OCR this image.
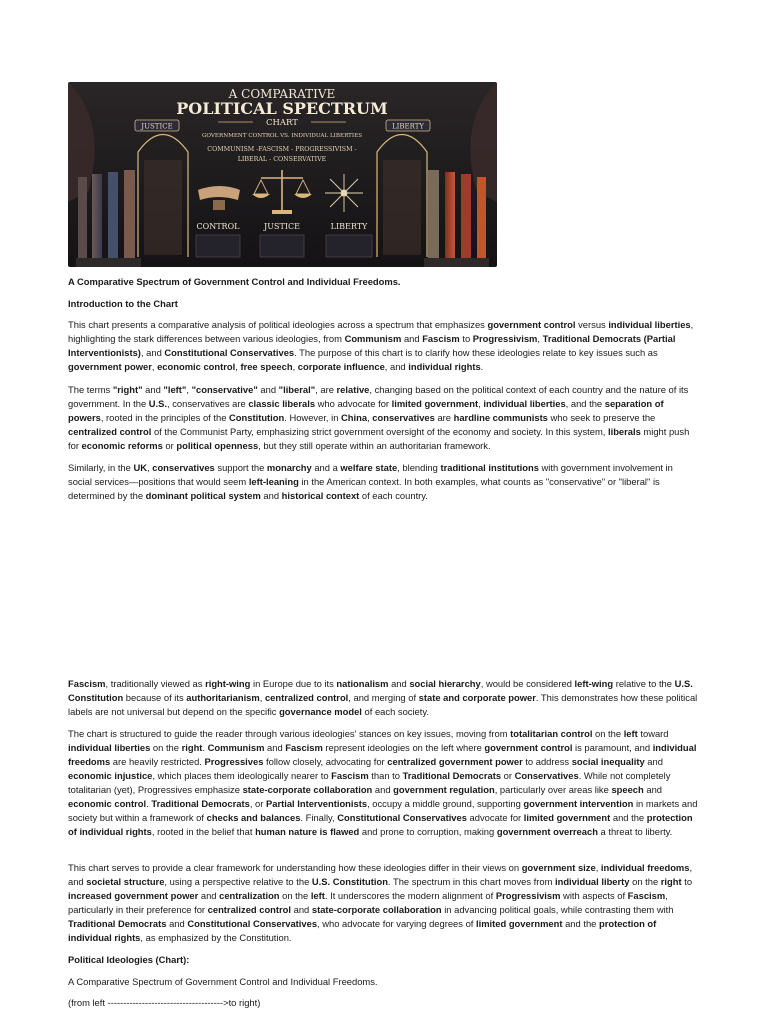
JUSTICE	LIBERTY
A COMPARATIVE
POLITICAL SPECTRUM
CHART
GOVERNMENT CONTROL VS. INDIVIDUAL LIBERTIES
COMMUNISM -FASCISM - PROGRESSIVISM -
LIBERAL - CONSERVATIVE
CONTROL	JUSTICE	LIBERTY
A Comparative Spectrum of Government Control and Individual Freedoms.
Introduction to the Chart
This chart presents a comparative analysis of political ideologies across a spectrum that emphasizes government control versus individual liberties, highlighting the stark differences between various ideologies, from Communism and Fascism to Progressivism, Traditional Democrats (Partial Interventionists), and Constitutional Conservatives. The purpose of this chart is to clarify how these ideologies relate to key issues such as government power, economic control, free speech, corporate influence, and individual rights.
The terms "right" and "left", "conservative" and "liberal", are relative, changing based on the political context of each country and the nature of its government. In the U.S., conservatives are classic liberals who advocate for limited government, individual liberties, and the separation of powers, rooted in the principles of the Constitution. However, in China, conservatives are hardline communists who seek to preserve the centralized control of the Communist Party, emphasizing strict government oversight of the economy and society. In this system, liberals might push for economic reforms or political openness, but they still operate within an authoritarian framework.
Similarly, in the UK, conservatives support the monarchy and a welfare state, blending traditional institutions with government involvement in social services—positions that would seem left-leaning in the American context. In both examples, what counts as "conservative" or "liberal" is determined by the dominant political system and historical context of each country.
Fascism, traditionally viewed as right-wing in Europe due to its nationalism and social hierarchy, would be considered left-wing relative to the U.S. Constitution because of its authoritarianism, centralized control, and merging of state and corporate power. This demonstrates how these political labels are not universal but depend on the specific governance model of each society.
The chart is structured to guide the reader through various ideologies' stances on key issues, moving from totalitarian control on the left toward individual liberties on the right. Communism and Fascism represent ideologies on the left where government control is paramount, and individual freedoms are heavily restricted. Progressives follow closely, advocating for centralized government power to address social inequality and economic injustice, which places them ideologically nearer to Fascism than to Traditional Democrats or Conservatives. While not completely totalitarian (yet), Progressives emphasize state-corporate collaboration and government regulation, particularly over areas like speech and economic control. Traditional Democrats, or Partial Interventionists, occupy a middle ground, supporting government intervention in markets and society but within a framework of checks and balances. Finally, Constitutional Conservatives advocate for limited government and the protection of individual rights, rooted in the belief that human nature is flawed and prone to corruption, making government overreach a threat to liberty.
This chart serves to provide a clear framework for understanding how these ideologies differ in their views on government size, individual freedoms, and societal structure, using a perspective relative to the U.S. Constitution. The spectrum in this chart moves from individual liberty on the right to increased government power and centralization on the left. It underscores the modern alignment of Progressivism with aspects of Fascism, particularly in their preference for centralized control and state-corporate collaboration in advancing political goals, while contrasting them with Traditional Democrats and Constitutional Conservatives, who advocate for varying degrees of limited government and the protection of individual rights, as emphasized by the Constitution.
Political Ideologies (Chart):
A Comparative Spectrum of Government Control and Individual Freedoms.
(from left ------------------------------------->to right)
